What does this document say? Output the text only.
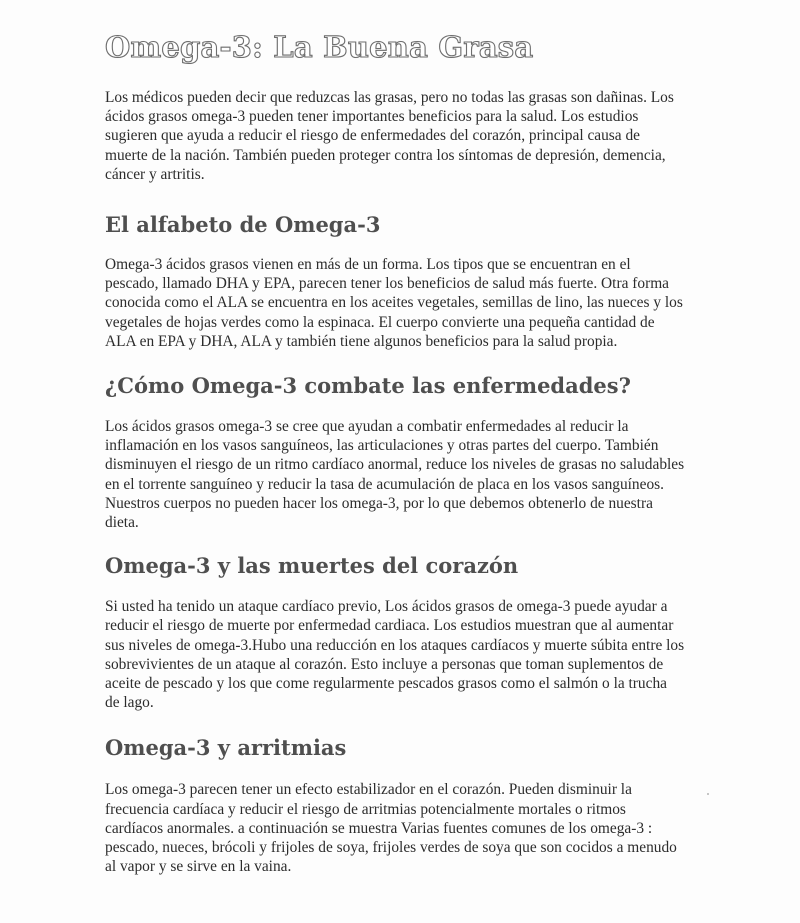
Omega-3: La Buena Grasa

Los médicos pueden decir que reduzcas las grasas, pero no todas las grasas son dañinas. Los ácidos grasos omega-3 pueden tener importantes beneficios para la salud. Los estudios sugieren que ayuda a reducir el riesgo de enfermedades del corazón, principal causa de muerte de la nación. También pueden proteger contra los síntomas de depresión, demencia, cáncer y artritis.

El alfabeto de Omega-3

Omega-3 ácidos grasos vienen en más de un forma. Los tipos que se encuentran en el pescado, llamado DHA y EPA, parecen tener los beneficios de salud más fuerte. Otra forma conocida como el ALA se encuentra en los aceites vegetales, semillas de lino, las nueces y los vegetales de hojas verdes como la espinaca. El cuerpo convierte una pequeña cantidad de ALA en EPA y DHA, ALA y también tiene algunos beneficios para la salud propia.

¿Cómo Omega-3 combate las enfermedades?

Los ácidos grasos omega-3 se cree que ayudan a combatir enfermedades al reducir la inflamación en los vasos sanguíneos, las articulaciones y otras partes del cuerpo. También disminuyen el riesgo de un ritmo cardíaco anormal, reduce los niveles de grasas no saludables en el torrente sanguíneo y reducir la tasa de acumulación de placa en los vasos sanguíneos. Nuestros cuerpos no pueden hacer los omega-3, por lo que debemos obtenerlo de nuestra dieta.

Omega-3 y las muertes del corazón

Si usted ha tenido un ataque cardíaco previo, Los ácidos grasos de omega-3 puede ayudar a reducir el riesgo de muerte por enfermedad cardiaca. Los estudios muestran que al aumentar sus niveles de omega-3.Hubo una reducción en los ataques cardíacos y muerte súbita entre los sobrevivientes de un ataque al corazón. Esto incluye a personas que toman suplementos de aceite de pescado y los que come regularmente pescados grasos como el salmón o la trucha de lago.

Omega-3 y arritmias

Los omega-3 parecen tener un efecto estabilizador en el corazón. Pueden disminuir la frecuencia cardíaca y reducir el riesgo de arritmias potencialmente mortales o ritmos cardíacos anormales. a continuación se muestra Varias fuentes comunes de los omega-3 : pescado, nueces, brócoli y frijoles de soya, frijoles verdes de soya que son cocidos a menudo al vapor y se sirve en la vaina.
